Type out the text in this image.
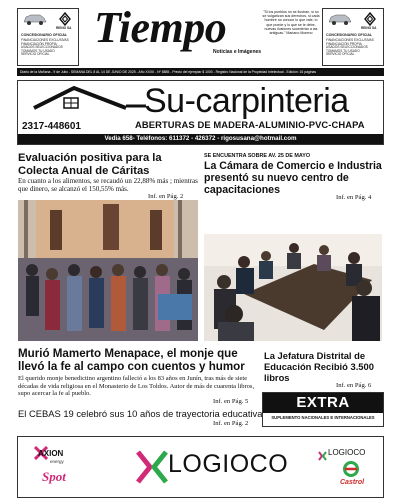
REINO SA
CONCESIONARIO OFICIAL
FINANCIACIONES EXCLUSIVAS
FINANCIACIÓN PROPIA
USADOS SELECCIONADOS
TOMAMOS TU USADO
SERVICIO OFICIAL
Tiempo
Noticias e Imágenes
"Si los pueblos no se ilustran, si no se vulgarizan sus derechos, si cada hombre no conoce lo que vale, lo que puede y lo que se le debe, nuevas ilusiones sucederán a las antiguas." Mariano Moreno
REINO SA
CONCESIONARIO OFICIAL
FINANCIACIONES EXCLUSIVAS
FINANCIACIÓN PROPIA
USADOS SELECCIONADOS
TOMAMOS TU USADO
SERVICIO OFICIAL
Diario de la Mañana - 9 de Julio - SEMANA DEL 8 AL 14 DE JUNIO DE 2025 - Año XXXII - Nº 8885 - Precio del ejemplar $ 1000 - Registro Nacional de la Propiedad Intelectual - Edición: 16 páginas
Su-carpinteria
2317-448601	ABERTURAS DE MADERA-ALUMINIO-PVC-CHAPA
Vedia 658- Teléfonos: 611372 - 426372 - rigosusana@hotmail.com
Evaluación positiva para la Colecta Anual de Cáritas
En cuanto a los alimentos, se recaudó un 22,88% más ; mientras que dinero, se alcanzó el 150,55% más.
Inf. en Pág. 2
SE ENCUENTRA SOBRE AV. 25 DE MAYO
La Cámara de Comercio e Industria presentó su nuevo centro de capacitaciones
Inf. en Pág. 4
Murió Mamerto Menapace, el monje que llevó la fe al campo con cuentos y humor
El querido monje benedictino argentino falleció a los 83 años en Junín, tras más de siete décadas de vida religiosa en el Monasterio de Los Toldos. Autor de más de cuarenta libros, supo acercar la fe al pueblo.
Inf. en Pág. 5
La Jefatura Distrital de Educación Recibió 3.500 libros
Inf. en Pág. 6
El CEBAS 19 celebró sus 10 años de trayectoria educativa
Inf. en Pág. 2
EXTRA
SUPLEMENTO NACIONALES E INTERNACIONALES
AXION
energy
Spot	LOGIOCO	LOGIOCO
Castrol
